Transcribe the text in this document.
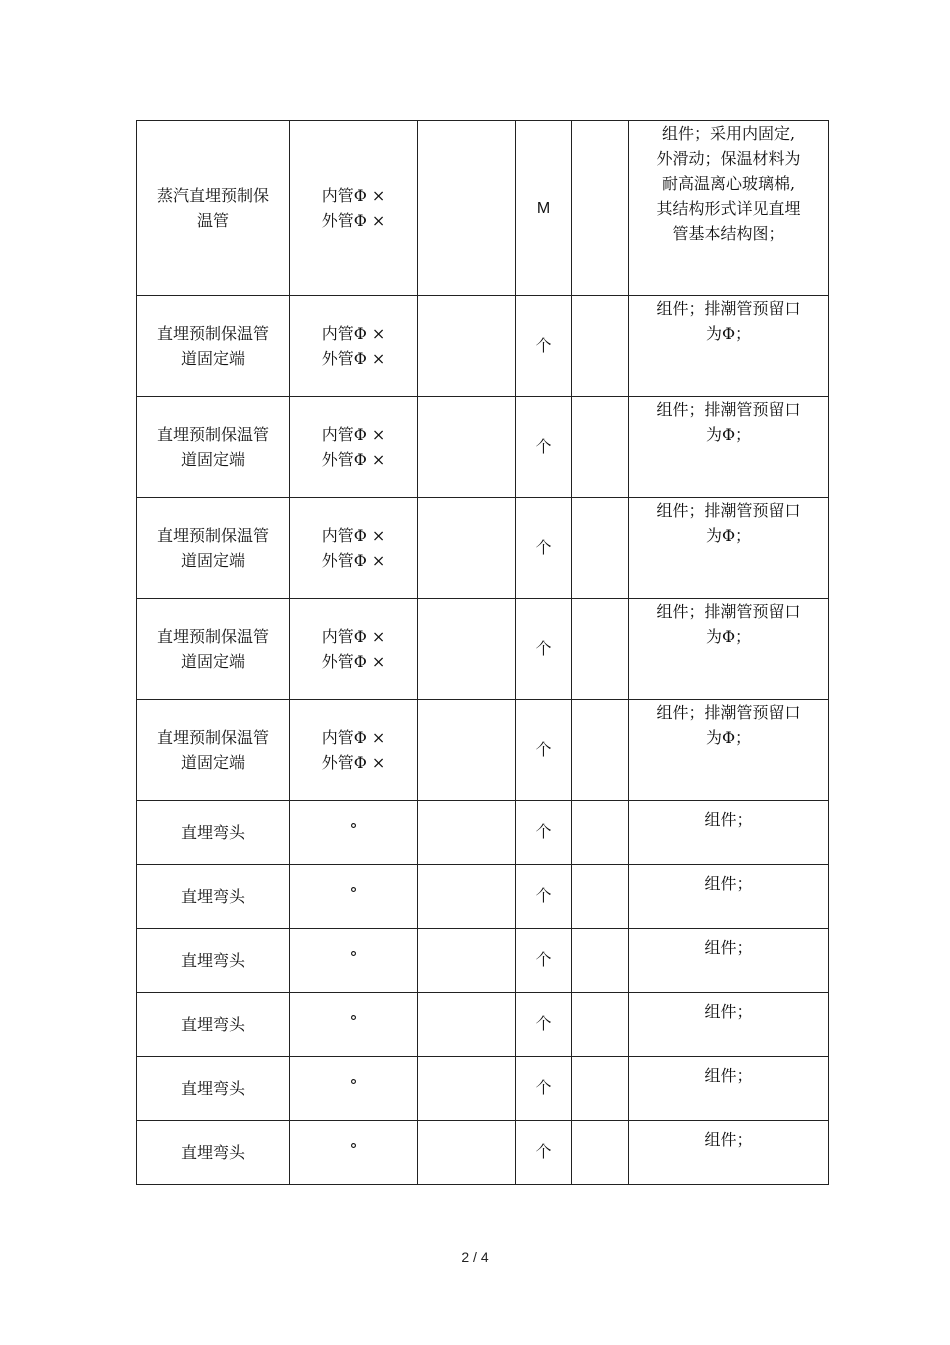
蒸汽直埋预制保
温管	内管Φ ×
外管Φ ×		M		组件；采用内固定,
外滑动；保温材料为
耐高温离心玻璃棉,
其结构形式详见直埋
管基本结构图；

直埋预制保温管
道固定端	内管Φ ×
外管Φ ×		个		组件；排潮管预留口
为Φ；

直埋预制保温管
道固定端	内管Φ ×
外管Φ ×		个		组件；排潮管预留口
为Φ；

直埋预制保温管
道固定端	内管Φ ×
外管Φ ×		个		组件；排潮管预留口
为Φ；

直埋预制保温管
道固定端	内管Φ ×
外管Φ ×		个		组件；排潮管预留口
为Φ；

直埋预制保温管
道固定端	内管Φ ×
外管Φ ×		个		组件；排潮管预留口
为Φ；

直埋弯头	°		个		组件；

直埋弯头	°		个		组件；

直埋弯头	°		个		组件；

直埋弯头	°		个		组件；

直埋弯头	°		个		组件；

直埋弯头	°		个		组件；
2 / 4
